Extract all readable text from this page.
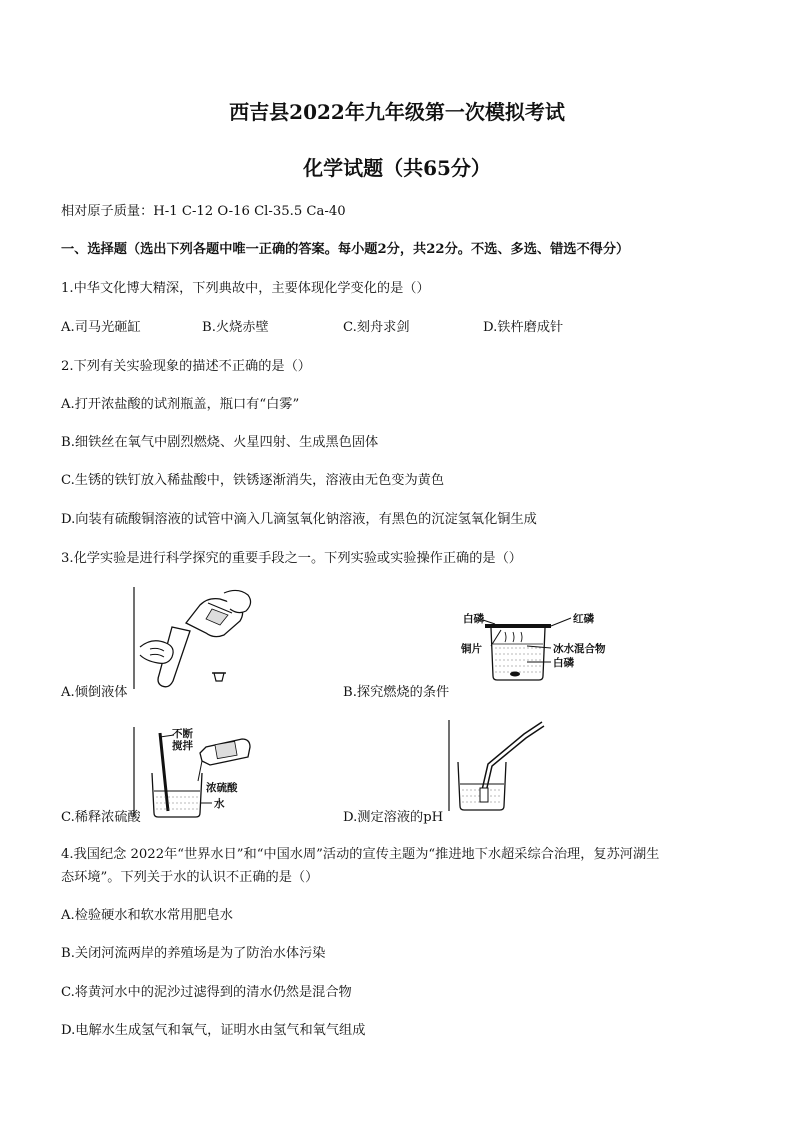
西吉县2022年九年级第一次模拟考试
化学试题（共65分）
相对原子质量：H-1 C-12 O-16 Cl-35.5 Ca-40
一、选择题（选出下列各题中唯一正确的答案。每小题2分，共22分。不选、多选、错选不得分）
1.中华文化博大精深，下列典故中，主要体现化学变化的是（）
A.司马光砸缸	B.火烧赤壁	C.刻舟求剑	D.铁杵磨成针
2.下列有关实验现象的描述不正确的是（）
A.打开浓盐酸的试剂瓶盖，瓶口有“白雾”
B.细铁丝在氧气中剧烈燃烧、火星四射、生成黑色固体
C.生锈的铁钉放入稀盐酸中，铁锈逐渐消失，溶液由无色变为黄色
D.向装有硫酸铜溶液的试管中滴入几滴氢氧化钠溶液，有黑色的沉淀氢氧化铜生成
3.化学实验是进行科学探究的重要手段之一。下列实验或实验操作正确的是（）
A.倾倒液体
白磷	红磷
铜片	冰水混合物
白磷
B.探究燃烧的条件
不断
搅拌
浓硫酸
水
C.稀释浓硫酸	D.测定溶液的pH
4.我国纪念 2022年“世界水日”和“中国水周”活动的宣传主题为“推进地下水超采综合治理，复苏河湖生
态环境”。下列关于水的认识不正确的是（）
A.检验硬水和软水常用肥皂水
B.关闭河流两岸的养殖场是为了防治水体污染
C.将黄河水中的泥沙过滤得到的清水仍然是混合物
D.电解水生成氢气和氧气，证明水由氢气和氧气组成
